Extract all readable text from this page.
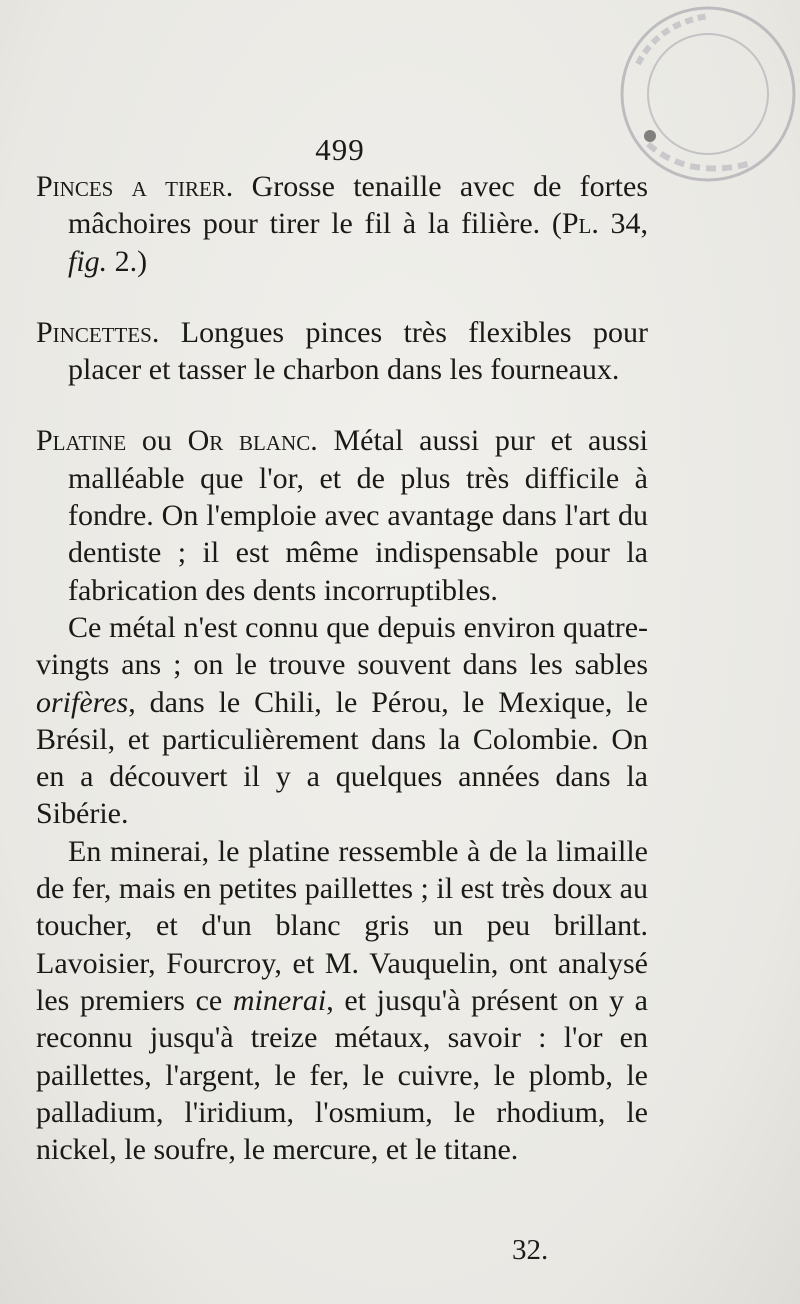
499

Pinces a tirer. Grosse tenaille avec de fortes mâchoires pour tirer le fil à la filière. (Pl. 34, fig. 2.)

Pincettes. Longues pinces très flexibles pour placer et tasser le charbon dans les fourneaux.

Platine ou Or blanc. Métal aussi pur et aussi malléable que l'or, et de plus très difficile à fondre. On l'emploie avec avantage dans l'art du dentiste ; il est même indispensable pour la fabrication des dents incorruptibles.

Ce métal n'est connu que depuis environ quatre-vingts ans ; on le trouve souvent dans les sables orifères, dans le Chili, le Pérou, le Mexique, le Brésil, et particulièrement dans la Colombie. On en a découvert il y a quelques années dans la Sibérie.

En minerai, le platine ressemble à de la limaille de fer, mais en petites paillettes ; il est très doux au toucher, et d'un blanc gris un peu brillant. Lavoisier, Fourcroy, et M. Vauquelin, ont analysé les premiers ce minerai, et jusqu'à présent on y a reconnu jusqu'à treize métaux, savoir : l'or en paillettes, l'argent, le fer, le cuivre, le plomb, le palladium, l'iridium, l'osmium, le rhodium, le nickel, le soufre, le mercure, et le titane.

32.
